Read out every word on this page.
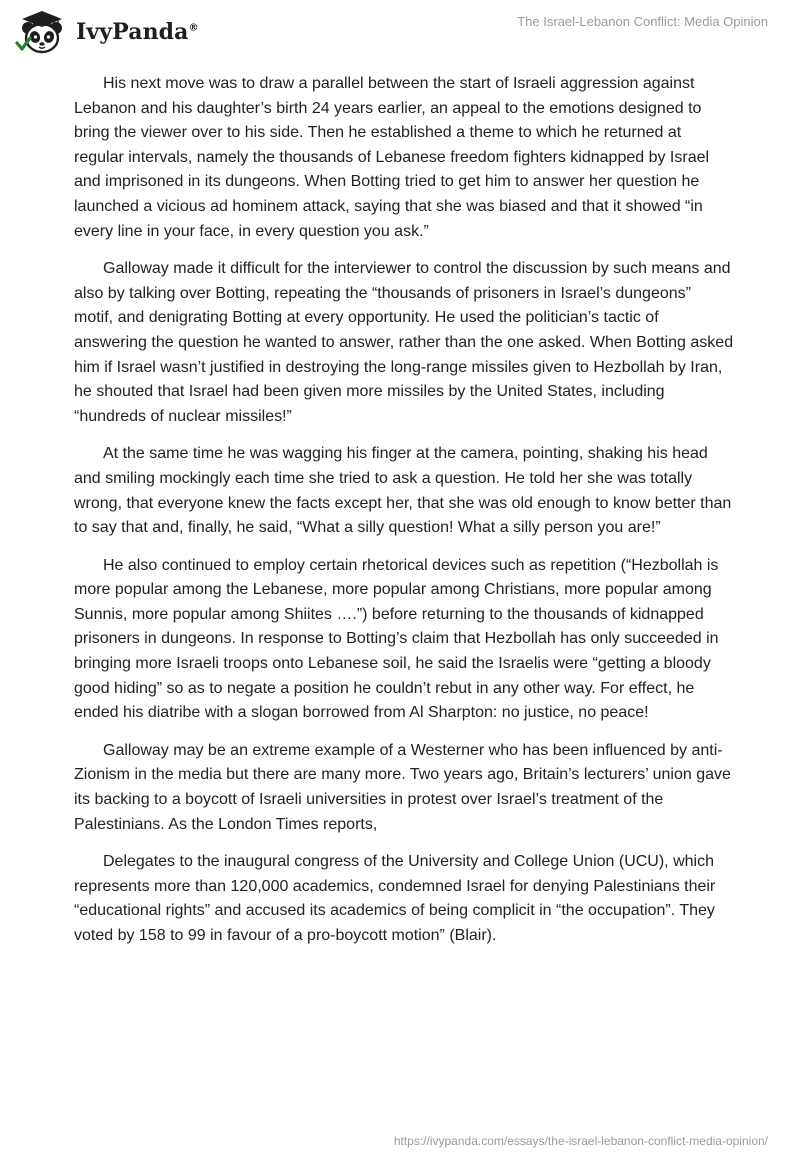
IvyPanda®	The Israel-Lebanon Conflict: Media Opinion

His next move was to draw a parallel between the start of Israeli aggression against Lebanon and his daughter’s birth 24 years earlier, an appeal to the emotions designed to bring the viewer over to his side. Then he established a theme to which he returned at regular intervals, namely the thousands of Lebanese freedom fighters kidnapped by Israel and imprisoned in its dungeons. When Botting tried to get him to answer her question he launched a vicious ad hominem attack, saying that she was biased and that it showed “in every line in your face, in every question you ask.”

Galloway made it difficult for the interviewer to control the discussion by such means and also by talking over Botting, repeating the “thousands of prisoners in Israel’s dungeons” motif, and denigrating Botting at every opportunity. He used the politician’s tactic of answering the question he wanted to answer, rather than the one asked. When Botting asked him if Israel wasn’t justified in destroying the long-range missiles given to Hezbollah by Iran, he shouted that Israel had been given more missiles by the United States, including “hundreds of nuclear missiles!”

At the same time he was wagging his finger at the camera, pointing, shaking his head and smiling mockingly each time she tried to ask a question. He told her she was totally wrong, that everyone knew the facts except her, that she was old enough to know better than to say that and, finally, he said, “What a silly question! What a silly person you are!”

He also continued to employ certain rhetorical devices such as repetition (“Hezbollah is more popular among the Lebanese, more popular among Christians, more popular among Sunnis, more popular among Shiites ….”) before returning to the thousands of kidnapped prisoners in dungeons. In response to Botting’s claim that Hezbollah has only succeeded in bringing more Israeli troops onto Lebanese soil, he said the Israelis were “getting a bloody good hiding” so as to negate a position he couldn’t rebut in any other way. For effect, he ended his diatribe with a slogan borrowed from Al Sharpton: no justice, no peace!

Galloway may be an extreme example of a Westerner who has been influenced by anti-Zionism in the media but there are many more. Two years ago, Britain’s lecturers’ union gave its backing to a boycott of Israeli universities in protest over Israel’s treatment of the Palestinians. As the London Times reports,

Delegates to the inaugural congress of the University and College Union (UCU), which represents more than 120,000 academics, condemned Israel for denying Palestinians their “educational rights” and accused its academics of being complicit in “the occupation”. They voted by 158 to 99 in favour of a pro-boycott motion” (Blair).

https://ivypanda.com/essays/the-israel-lebanon-conflict-media-opinion/
